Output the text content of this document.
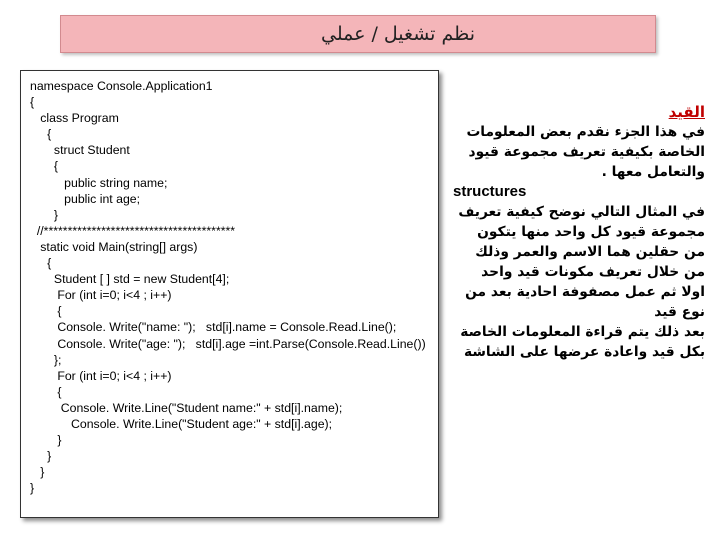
نظم تشغيل / عملي
namespace Console.Application1
{
class Program
{
struct Student
{
public string name;
public int age;
}
//****************************************
static void Main(string[] args)
{
Student [ ] std = new Student[4];
For (int i=0; i<4 ; i++)
{
Console. Write("name: ");   std[i].name = Console.Read.Line();
Console. Write("age: ");   std[i].age =int.Parse(Console.Read.Line())
};
For (int i=0; i<4 ; i++)
{
Console. Write.Line("Student name:" + std[i].name);
Console. Write.Line("Student age:" + std[i].age);
}
}
}
}
القيد
في هذا الجزء نقدم بعض المعلومات
الخاصة بكيفية تعريف مجموعة قيود
والتعامل معها .
structures
في المثال التالي نوضح كيفية تعريف
مجموعة قيود كل واحد منها يتكون
من حقلين هما الاسم والعمر وذلك
من خلال تعريف مكونات قيد واحد
اولا ثم عمل مصفوفة احادية بعد من
نوع قيد
بعد ذلك يتم قراءة المعلومات الخاصة
بكل قيد واعادة عرضها على الشاشة
